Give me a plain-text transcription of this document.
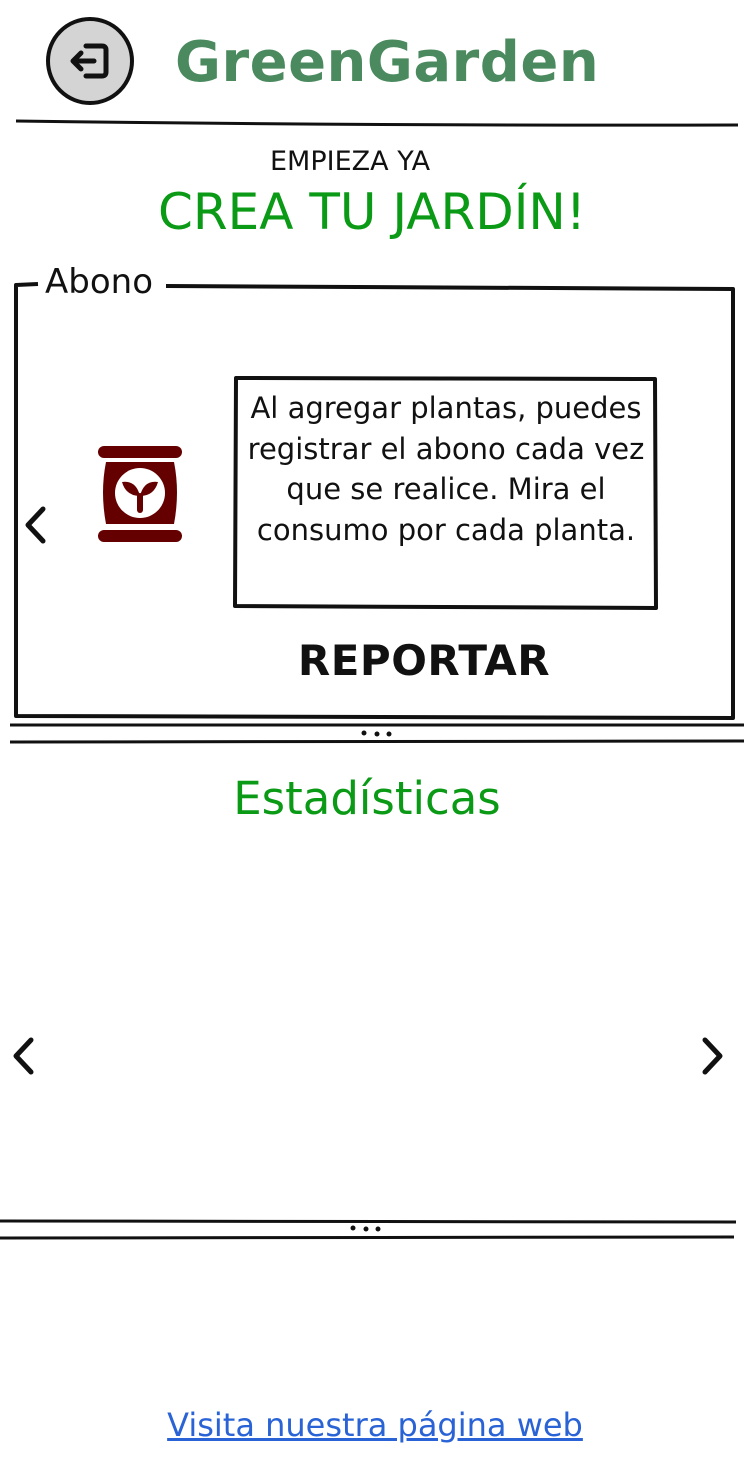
GreenGarden
EMPIEZA YA
CREA TU JARDÍN!
Abono
Al agregar plantas, puedes registrar el abono cada vez que se realice. Mira el consumo por cada planta.
REPORTAR
Estadísticas
Visita nuestra página web
